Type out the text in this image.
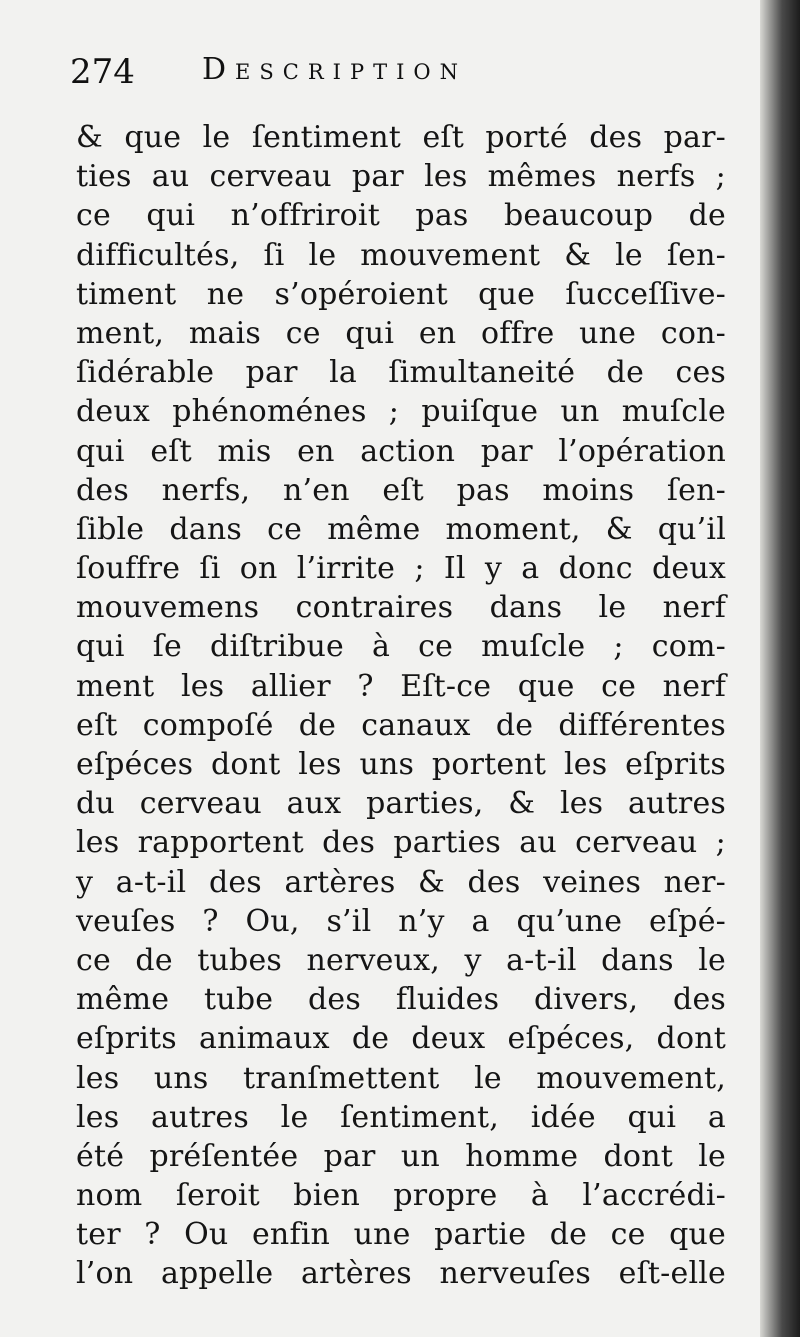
274 Description
& que le ſentiment eſt porté des par-
ties au cerveau par les mêmes nerfs ;
ce qui n’offriroit pas beaucoup de
difficultés, ſi le mouvement & le ſen-
timent ne s’opéroient que ſucceſſive-
ment, mais ce qui en offre une con-
ſidérable par la ſimultaneité de ces
deux phénoménes ; puiſque un muſcle
qui eſt mis en action par l’opération
des nerfs, n’en eſt pas moins ſen-
ſible dans ce même moment, & qu’il
ſouffre ſi on l’irrite ; Il y a donc deux
mouvemens contraires dans le nerf
qui ſe diſtribue à ce muſcle ; com-
ment les allier ? Eſt-ce que ce nerf
eſt compoſé de canaux de différentes
eſpéces dont les uns portent les eſprits
du cerveau aux parties, & les autres
les rapportent des parties au cerveau ;
y a-t-il des artères & des veines ner-
veuſes ? Ou, s’il n’y a qu’une eſpé-
ce de tubes nerveux, y a-t-il dans le
même tube des fluides divers, des
eſprits animaux de deux eſpéces, dont
les uns tranſmettent le mouvement,
les autres le ſentiment, idée qui a
été préſentée par un homme dont le
nom ſeroit bien propre à l’accrédi-
ter ? Ou enfin une partie de ce que
l’on appelle artères nerveuſes eſt-elle
